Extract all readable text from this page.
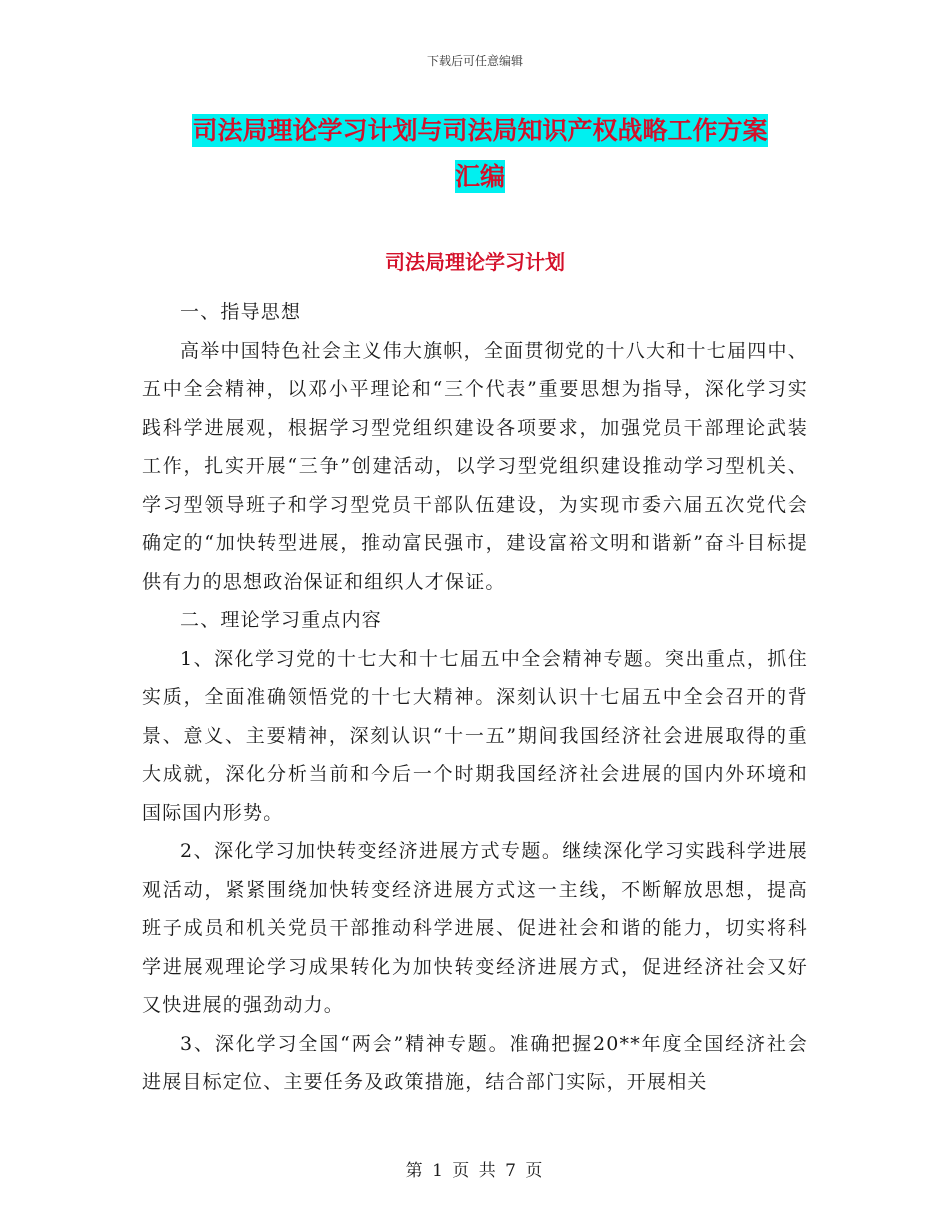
下载后可任意编辑
司法局理论学习计划与司法局知识产权战略工作方案
汇编
司法局理论学习计划

一、指导思想

高举中国特色社会主义伟大旗帜，全面贯彻党的十八大和十七届四中、五中全会精神，以邓小平理论和“三个代表”重要思想为指导，深化学习实践科学进展观，根据学习型党组织建设各项要求，加强党员干部理论武装工作，扎实开展“三争”创建活动，以学习型党组织建设推动学习型机关、学习型领导班子和学习型党员干部队伍建设，为实现市委六届五次党代会确定的“加快转型进展，推动富民强市，建设富裕文明和谐新”奋斗目标提供有力的思想政治保证和组织人才保证。

二、理论学习重点内容

1、深化学习党的十七大和十七届五中全会精神专题。突出重点，抓住实质，全面准确领悟党的十七大精神。深刻认识十七届五中全会召开的背景、意义、主要精神，深刻认识“十一五”期间我国经济社会进展取得的重大成就，深化分析当前和今后一个时期我国经济社会进展的国内外环境和国际国内形势。

2、深化学习加快转变经济进展方式专题。继续深化学习实践科学进展观活动，紧紧围绕加快转变经济进展方式这一主线，不断解放思想，提高班子成员和机关党员干部推动科学进展、促进社会和谐的能力，切实将科学进展观理论学习成果转化为加快转变经济进展方式，促进经济社会又好又快进展的强劲动力。

3、深化学习全国“两会”精神专题。准确把握20**年度全国经济社会进展目标定位、主要任务及政策措施，结合部门实际，开展相关

第 1 页 共 7 页
